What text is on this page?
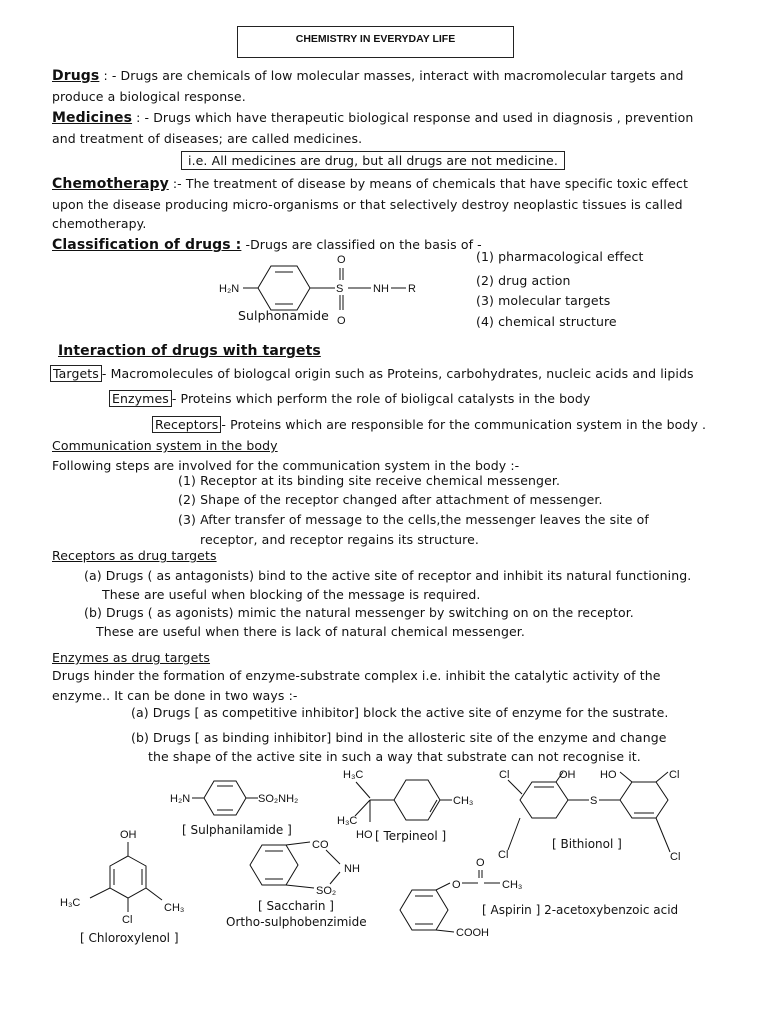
CHEMISTRY IN EVERYDAY LIFE
Drugs : - Drugs are chemicals of low molecular masses, interact with macromolecular targets and
produce a biological response.
Medicines : - Drugs which have therapeutic biological response and used in diagnosis , prevention
and treatment of diseases; are called medicines.
i.e. All medicines are drug, but all drugs are not medicine.
Chemotherapy :- The treatment of disease by means of chemicals that have specific toxic effect
upon the disease producing micro-organisms or that selectively destroy neoplastic tissues is called
chemotherapy.
Classification of drugs : -Drugs are classified on the basis of -
(1) pharmacological effect
(2) drug action
(3) molecular targets
(4) chemical structure
H₂N	S
O
O
NH R
Sulphonamide
Interaction of drugs with targets
Targets - Macromolecules of biologcal origin such as Proteins, carbohydrates, nucleic acids and lipids
Enzymes - Proteins which perform the role of bioligcal catalysts in the body
Receptors - Proteins which are responsible for the communication system in the body .
Communication system in the body
Following steps are involved for the communication system in the body :-
(1) Receptor at its binding site receive chemical messenger.
(2) Shape of the receptor changed after attachment of messenger.
(3) After transfer of message to the cells,the messenger leaves the site of
receptor, and receptor regains its structure.
Receptors as drug targets
(a) Drugs ( as antagonists) bind to the active site of receptor and inhibit its natural functioning.
These are useful when blocking of the message is required.
(b) Drugs ( as agonists) mimic the natural messenger by switching on on the receptor.
These are useful when there is lack of natural chemical messenger.
Enzymes as drug targets
Drugs hinder the formation of enzyme-substrate complex i.e. inhibit the catalytic activity of the
enzyme.. It can be done in two ways :-
(a) Drugs [ as competitive inhibitor] block the active site of enzyme for the sustrate.
(b) Drugs [ as binding inhibitor] bind in the allosteric site of the enzyme and change
the shape of the active site in such a way that substrate can not recognise it.
H₂N	SO₂NH₂
[ Sulphanilamide ]
H₃C
H₃C
HO
CH₃
[ Terpineol ]
Cl	OH HO	Cl
S
Cl	Cl
[ Bithionol ]
OH
H₃C	CH₃
Cl
[ Chloroxylenol ]
CO
NH
SO₂
[ Saccharin ]
Ortho-sulphobenzimide
O
O
CH₃
COOH
[ Aspirin ] 2-acetoxybenzoic acid
